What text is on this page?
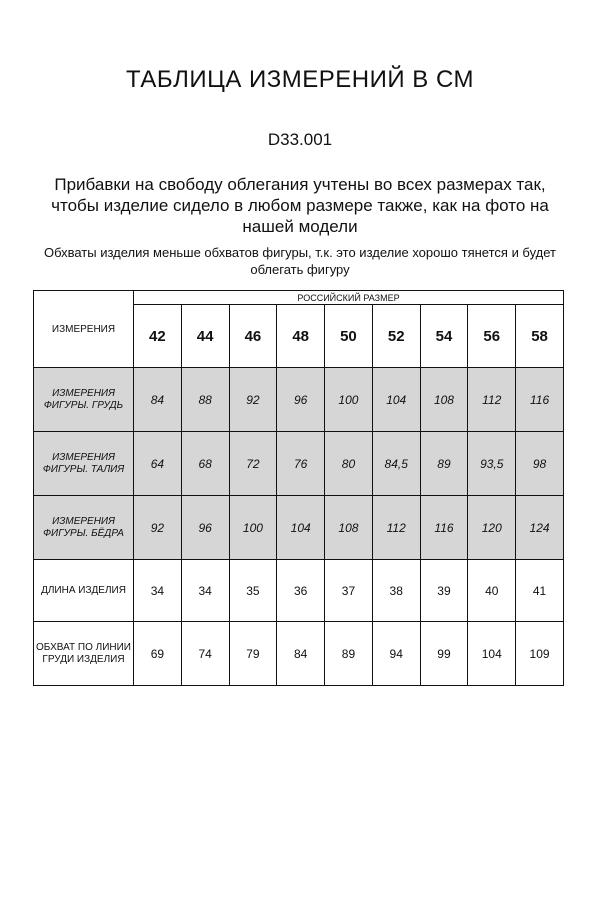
ТАБЛИЦА ИЗМЕРЕНИЙ В СМ
D33.001
Прибавки на свободу облегания учтены во всех размерах так, чтобы изделие сидело в любом размере также, как на фото на нашей модели
Обхваты изделия меньше обхватов фигуры, т.к. это изделие хорошо тянется и будет облегать фигуру
ИЗМЕРЕНИЯ	РОССИЙСКИЙ РАЗМЕР								
	42	44	46	48	50	52	54	56	58
ИЗМЕРЕНИЯ ФИГУРЫ. ГРУДЬ	84	88	92	96	100	104	108	112	116
ИЗМЕРЕНИЯ ФИГУРЫ. ТАЛИЯ	64	68	72	76	80	84,5	89	93,5	98
ИЗМЕРЕНИЯ ФИГУРЫ. БЁДРА	92	96	100	104	108	112	116	120	124
ДЛИНА ИЗДЕЛИЯ	34	34	35	36	37	38	39	40	41
ОБХВАТ ПО ЛИНИИ ГРУДИ ИЗДЕЛИЯ	69	74	79	84	89	94	99	104	109
